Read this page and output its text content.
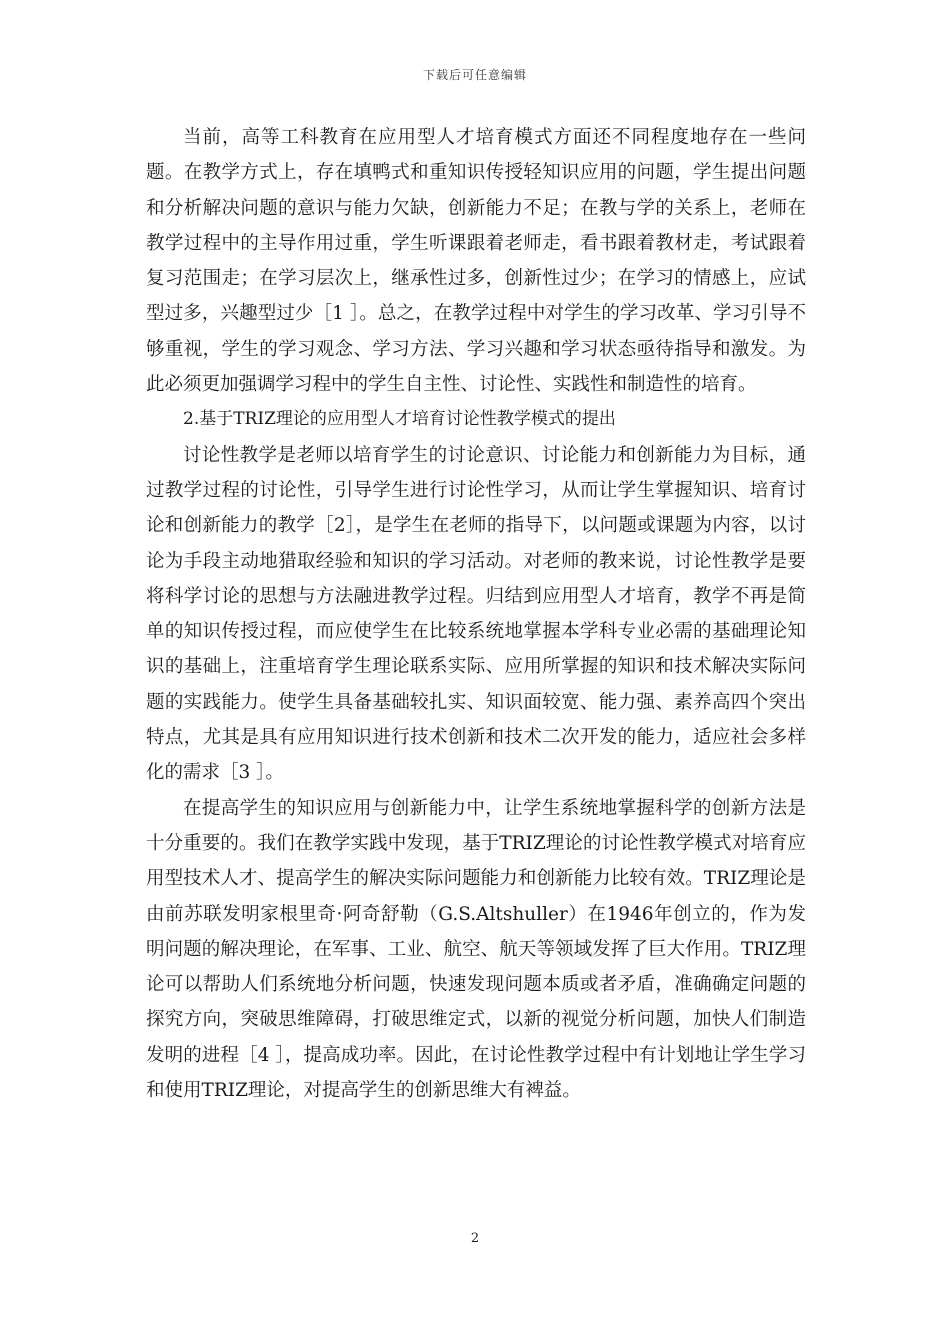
下载后可任意编辑

当前，高等工科教育在应用型人才培育模式方面还不同程度地存在一些问题。在教学方式上，存在填鸭式和重知识传授轻知识应用的问题，学生提出问题和分析解决问题的意识与能力欠缺，创新能力不足；在教与学的关系上，老师在教学过程中的主导作用过重，学生听课跟着老师走，看书跟着教材走，考试跟着复习范围走；在学习层次上，继承性过多，创新性过少；在学习的情感上，应试型过多，兴趣型过少［1 ］。总之，在教学过程中对学生的学习改革、学习引导不够重视，学生的学习观念、学习方法、学习兴趣和学习状态亟待指导和激发。为此必须更加强调学习程中的学生自主性、讨论性、实践性和制造性的培育。

2.基于TRIZ理论的应用型人才培育讨论性教学模式的提出

讨论性教学是老师以培育学生的讨论意识、讨论能力和创新能力为目标，通过教学过程的讨论性，引导学生进行讨论性学习，从而让学生掌握知识、培育讨论和创新能力的教学［2］，是学生在老师的指导下，以问题或课题为内容，以讨论为手段主动地猎取经验和知识的学习活动。对老师的教来说，讨论性教学是要将科学讨论的思想与方法融进教学过程。归结到应用型人才培育，教学不再是简单的知识传授过程，而应使学生在比较系统地掌握本学科专业必需的基础理论知识的基础上，注重培育学生理论联系实际、应用所掌握的知识和技术解决实际问题的实践能力。使学生具备基础较扎实、知识面较宽、能力强、素养高四个突出特点，尤其是具有应用知识进行技术创新和技术二次开发的能力，适应社会多样化的需求［3 ］。

在提高学生的知识应用与创新能力中，让学生系统地掌握科学的创新方法是十分重要的。我们在教学实践中发现，基于TRIZ理论的讨论性教学模式对培育应用型技术人才、提高学生的解决实际问题能力和创新能力比较有效。TRIZ理论是由前苏联发明家根里奇·阿奇舒勒（G.S.Altshuller）在1946年创立的，作为发明问题的解决理论，在军事、工业、航空、航天等领域发挥了巨大作用。TRIZ理论可以帮助人们系统地分析问题，快速发现问题本质或者矛盾，准确确定问题的探究方向，突破思维障碍，打破思维定式，以新的视觉分析问题，加快人们制造发明的进程［4 ］，提高成功率。因此，在讨论性教学过程中有计划地让学生学习和使用TRIZ理论，对提高学生的创新思维大有裨益。

2
